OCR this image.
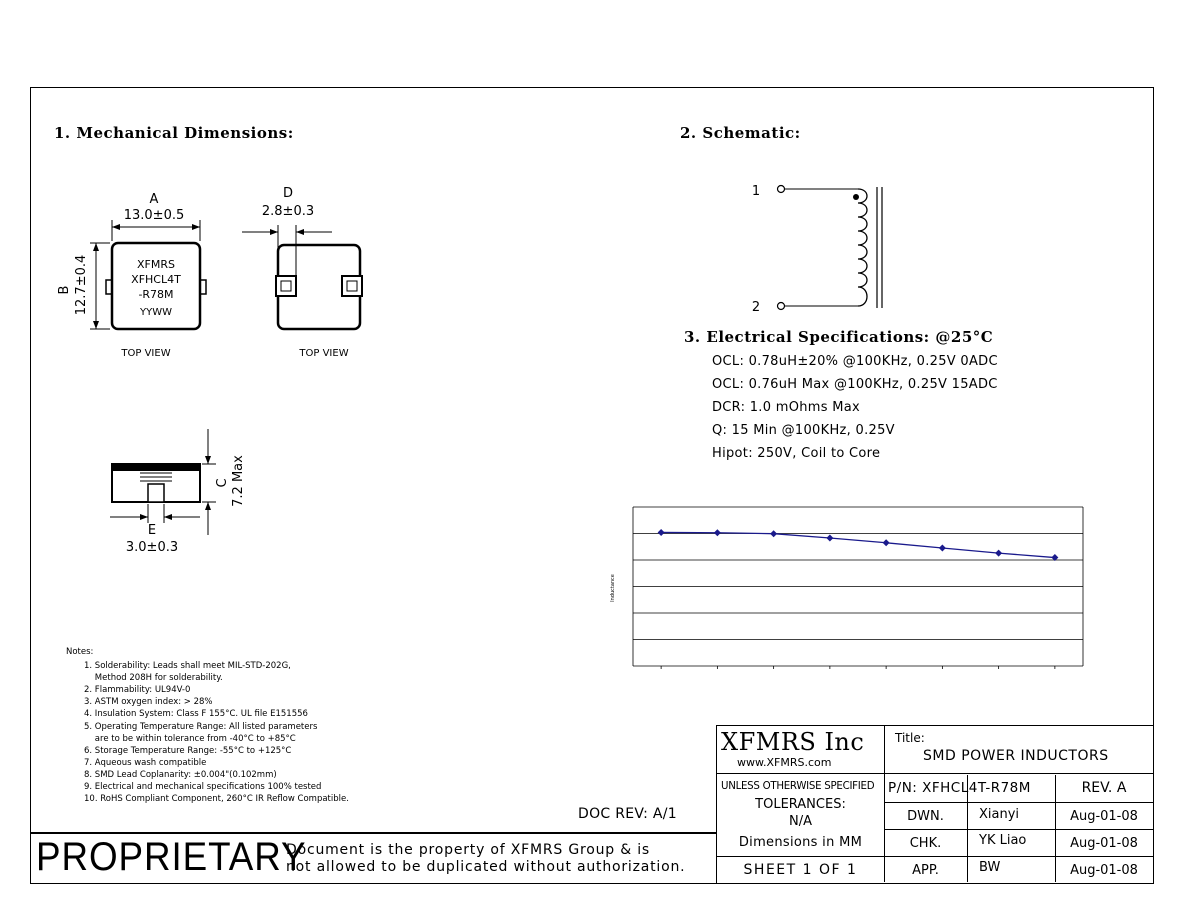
1. Mechanical Dimensions:	2. Schematic:
3. Electrical Specifications: @25°C
XFMRS
XFHCL4T
-R78M
YYWW
A
13.0±0.5
B 12.7±0.4
TOP VIEW
D
2.8±0.3
TOP VIEW
C 7.2 Max
E
3.0±0.3
1
2
OCL: 0.78uH±20% @100KHz, 0.25V 0ADC
OCL: 0.76uH Max @100KHz, 0.25V 15ADC
DCR: 1.0 mOhms Max
Q: 15 Min @100KHz, 0.25V
Hipot: 250V, Coil to Core
Inductance
Notes:
1. Solderability: Leads shall meet MIL-STD-202G,
Method 208H for solderability.
2. Flammability: UL94V-0
3. ASTM oxygen index: > 28%
4. Insulation System: Class F 155°C. UL file E151556
5. Operating Temperature Range: All listed parameters
are to be within tolerance from -40°C to +85°C
6. Storage Temperature Range: -55°C to +125°C
7. Aqueous wash compatible
8. SMD Lead Coplanarity: ±0.004"(0.102mm)
9. Electrical and mechanical specifications 100% tested
10. RoHS Compliant Component, 260°C IR Reflow Compatible.
DOC REV: A/1
PROPRIETARY
Document is the property of XFMRS Group & is
not allowed to be duplicated without authorization.
XFMRS Inc
www.XFMRS.com
Title:
SMD POWER INDUCTORS
UNLESS OTHERWISE SPECIFIED
TOLERANCES:
N/A
Dimensions in MM
SHEET 1 OF 1
P/N: XFHCL4T-R78M	REV. A
DWN.	Xianyi	Aug-01-08
CHK.	YK Liao	Aug-01-08
APP.	BW	Aug-01-08
